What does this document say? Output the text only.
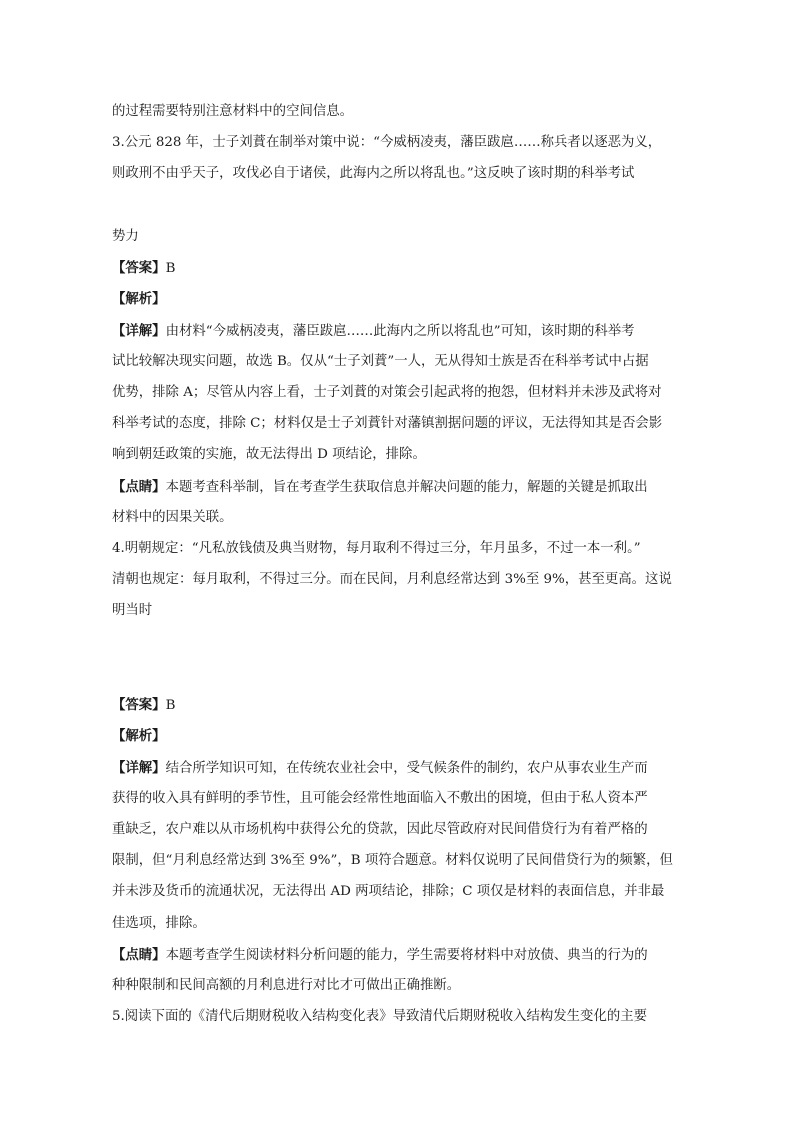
的过程需要特别注意材料中的空间信息。
3.公元 828 年，士子刘蕡在制举对策中说：“今威柄凌夷，藩臣跋扈……称兵者以逐恶为义，
则政刑不由乎天子，攻伐必自于诸侯，此海内之所以将乱也。”这反映了该时期的科举考试
势力
【答案】B
【解析】
【详解】由材料“今威柄凌夷，藩臣跋扈……此海内之所以将乱也”可知，该时期的科举考
试比较解决现实问题，故选 B。仅从“士子刘蕡”一人，无从得知士族是否在科举考试中占据
优势，排除 A；尽管从内容上看，士子刘蕡的对策会引起武将的抱怨，但材料并未涉及武将对
科举考试的态度，排除 C；材料仅是士子刘蕡针对藩镇割据问题的评议，无法得知其是否会影
响到朝廷政策的实施，故无法得出 D 项结论，排除。
【点睛】本题考查科举制，旨在考查学生获取信息并解决问题的能力，解题的关键是抓取出
材料中的因果关联。
4.明朝规定：“凡私放钱债及典当财物，每月取利不得过三分，年月虽多，不过一本一利。”
清朝也规定：每月取利，不得过三分。而在民间，月利息经常达到 3%至 9%，甚至更高。这说
明当时
【答案】B
【解析】
【详解】结合所学知识可知，在传统农业社会中，受气候条件的制约，农户从事农业生产而
获得的收入具有鲜明的季节性，且可能会经常性地面临入不敷出的困境，但由于私人资本严
重缺乏，农户难以从市场机构中获得公允的贷款，因此尽管政府对民间借贷行为有着严格的
限制，但“月利息经常达到 3%至 9%”，B 项符合题意。材料仅说明了民间借贷行为的频繁，但
并未涉及货币的流通状况，无法得出 AD 两项结论，排除；C 项仅是材料的表面信息，并非最
佳选项，排除。
【点睛】本题考查学生阅读材料分析问题的能力，学生需要将材料中对放债、典当的行为的
种种限制和民间高额的月利息进行对比才可做出正确推断。
5.阅读下面的《清代后期财税收入结构变化表》导致清代后期财税收入结构发生变化的主要
